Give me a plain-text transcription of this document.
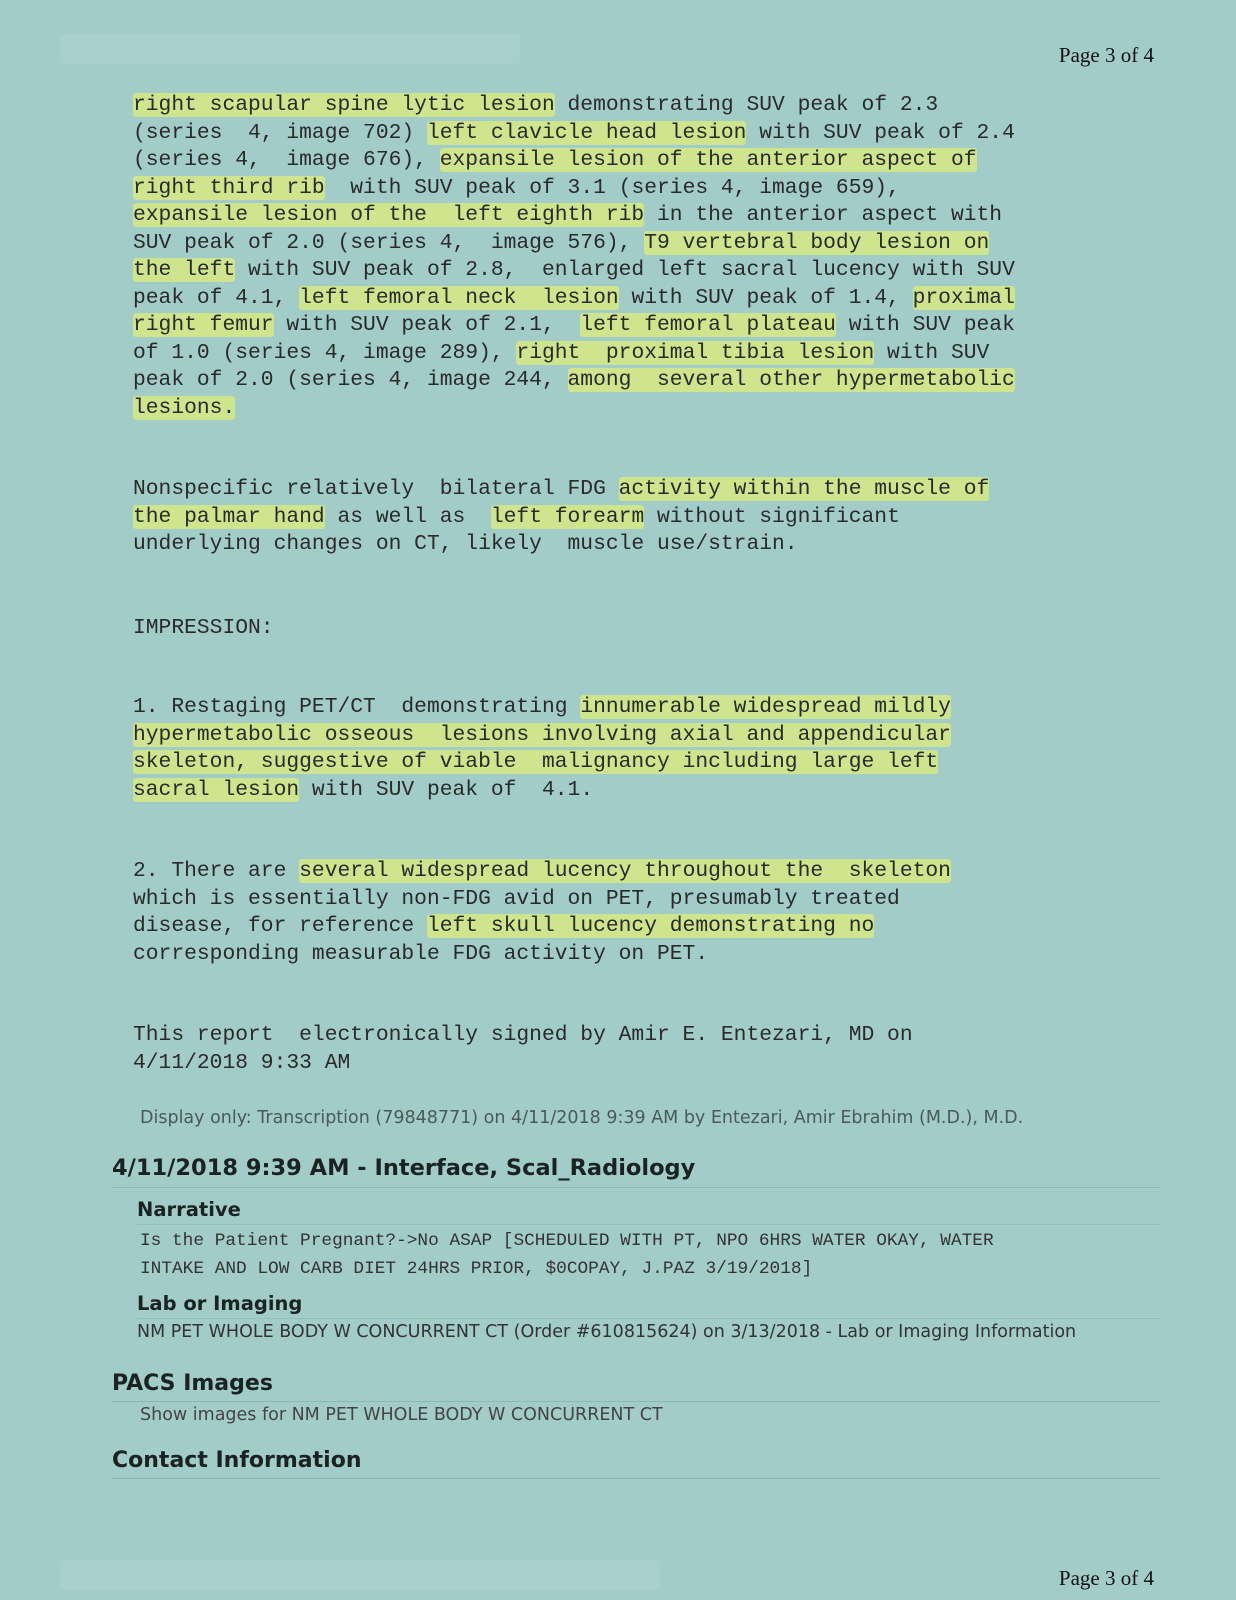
Page 3 of 4
right scapular spine lytic lesion demonstrating SUV peak of 2.3
(series  4, image 702) left clavicle head lesion with SUV peak of 2.4
(series 4,  image 676), expansile lesion of the anterior aspect of
right third rib  with SUV peak of 3.1 (series 4, image 659),
expansile lesion of the  left eighth rib in the anterior aspect with
SUV peak of 2.0 (series 4,  image 576), T9 vertebral body lesion on
the left with SUV peak of 2.8,  enlarged left sacral lucency with SUV
peak of 4.1, left femoral neck  lesion with SUV peak of 1.4, proximal
right femur with SUV peak of 2.1,  left femoral plateau with SUV peak
of 1.0 (series 4, image 289), right  proximal tibia lesion with SUV
peak of 2.0 (series 4, image 244, among  several other hypermetabolic
lesions.
Nonspecific relatively  bilateral FDG activity within the muscle of
the palmar hand as well as  left forearm without significant
underlying changes on CT, likely  muscle use/strain.
IMPRESSION:
1. Restaging PET/CT  demonstrating innumerable widespread mildly
hypermetabolic osseous  lesions involving axial and appendicular
skeleton, suggestive of viable  malignancy including large left
sacral lesion with SUV peak of  4.1.
2. There are several widespread lucency throughout the  skeleton
which is essentially non-FDG avid on PET, presumably treated
disease, for reference left skull lucency demonstrating no
corresponding measurable FDG activity on PET.
This report  electronically signed by Amir E. Entezari, MD on
4/11/2018 9:33 AM
Display only: Transcription (79848771) on 4/11/2018 9:39 AM by Entezari, Amir Ebrahim (M.D.), M.D.
4/11/2018 9:39 AM - Interface, Scal_Radiology
Narrative
Is the Patient Pregnant?->No ASAP [SCHEDULED WITH PT, NPO 6HRS WATER OKAY, WATER
INTAKE AND LOW CARB DIET 24HRS PRIOR, $0COPAY, J.PAZ 3/19/2018]
Lab or Imaging
NM PET WHOLE BODY W CONCURRENT CT (Order #610815624) on 3/13/2018 - Lab or Imaging Information
PACS Images
Show images for NM PET WHOLE BODY W CONCURRENT CT
Contact Information
Page 3 of 4
